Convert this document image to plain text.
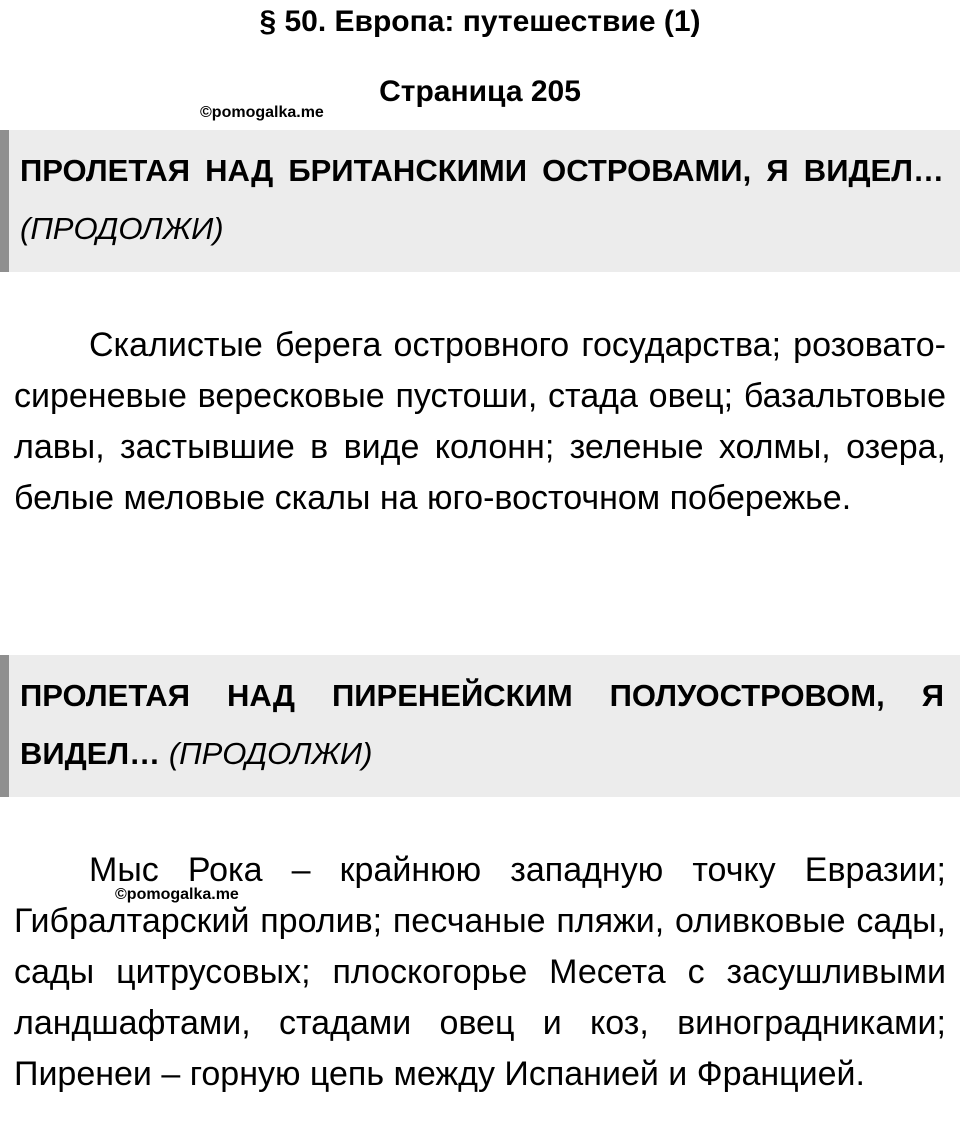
§ 50. Европа: путешествие (1)
Страница 205
©pomogalka.me

ПРОЛЕТАЯ НАД БРИТАНСКИМИ ОСТРОВАМИ, Я ВИДЕЛ… (ПРОДОЛЖИ)

Скалистые берега островного государства; розовато-сиреневые вересковые пустоши, стада овец; базальтовые лавы, застывшие в виде колонн; зеленые холмы, озера, белые меловые скалы на юго-восточном побережье.

ПРОЛЕТАЯ НАД ПИРЕНЕЙСКИМ ПОЛУОСТРОВОМ, Я ВИДЕЛ… (ПРОДОЛЖИ)

Мыс Рока – крайнюю западную точку Евразии; Гибралтарский пролив; песчаные пляжи, оливковые сады, сады цитрусовых; плоскогорье Месета с засушливыми ландшафтами, стадами овец и коз, виноградниками; Пиренеи – горную цепь между Испанией и Францией.

©pomogalka.me
